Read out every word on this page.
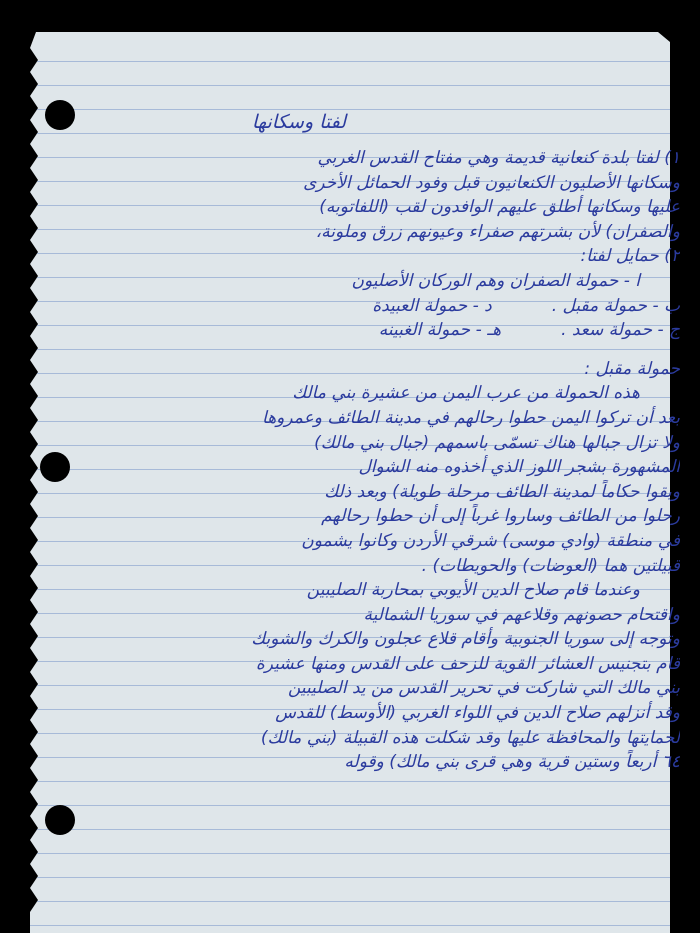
لفتا وسكانها
١) لفتا بلدة كنعانية قديمة وهي مفتاح القدس الغربي
وسكانها الأصليون الكنعانيون قبل وفود الحمائل الأخرى
عليها وسكانها أطلق عليهم الوافدون لقب (اللفاتوبه)
والصفران) لأن بشرتهم صفراء وعيونهم زرق وملونة،
٢) حمايل لفتا:
ا - حمولة الصفران وهم الوركان الأصليون
ب - حمولة مقبل .
د - حمولة العبيدة
ج - حمولة سعد .
هـ - حمولة الغبينه
حمولة مقبل :
هذه الحمولة من عرب اليمن من عشيرة بني مالك
بعد أن تركوا اليمن حطوا رحالهم في مدينة الطائف وعمروها
ولا تزال جبالها هناك تسمّى باسمهم (جبال بني مالك)
المشهورة بشجر اللوز الذي أخذوه منه الشوال
وبقوا حكاماً لمدينة الطائف مرحلة طويلة) وبعد ذلك
رحلوا من الطائف وساروا غرباً إلى أن حطوا رحالهم
في منطقة (وادي موسى) شرقي الأردن وكانوا يشمون
قبيلتين هما (العوضات) والحويطات) .
وعندما قام صلاح الدين الأيوبي بمحاربة الصليبين
واقتحام حصونهم وقلاعهم في سوريا الشمالية
وتوجه إلى سوريا الجنوبية وأقام قلاع عجلون والكرك والشوبك
قام بتجنيس العشائر القوية للزحف على القدس ومنها عشيرة
بني مالك التي شاركت في تحرير القدس من يد الصليبين
وقد أنزلهم صلاح الدين في اللواء الغربي (الأوسط) للقدس
لحمايتها والمحافظة عليها وقد شكلت هذه القبيلة (بني مالك)
٦٤ أربعاً وستين قرية وهي قرى بني مالك) وقوله
